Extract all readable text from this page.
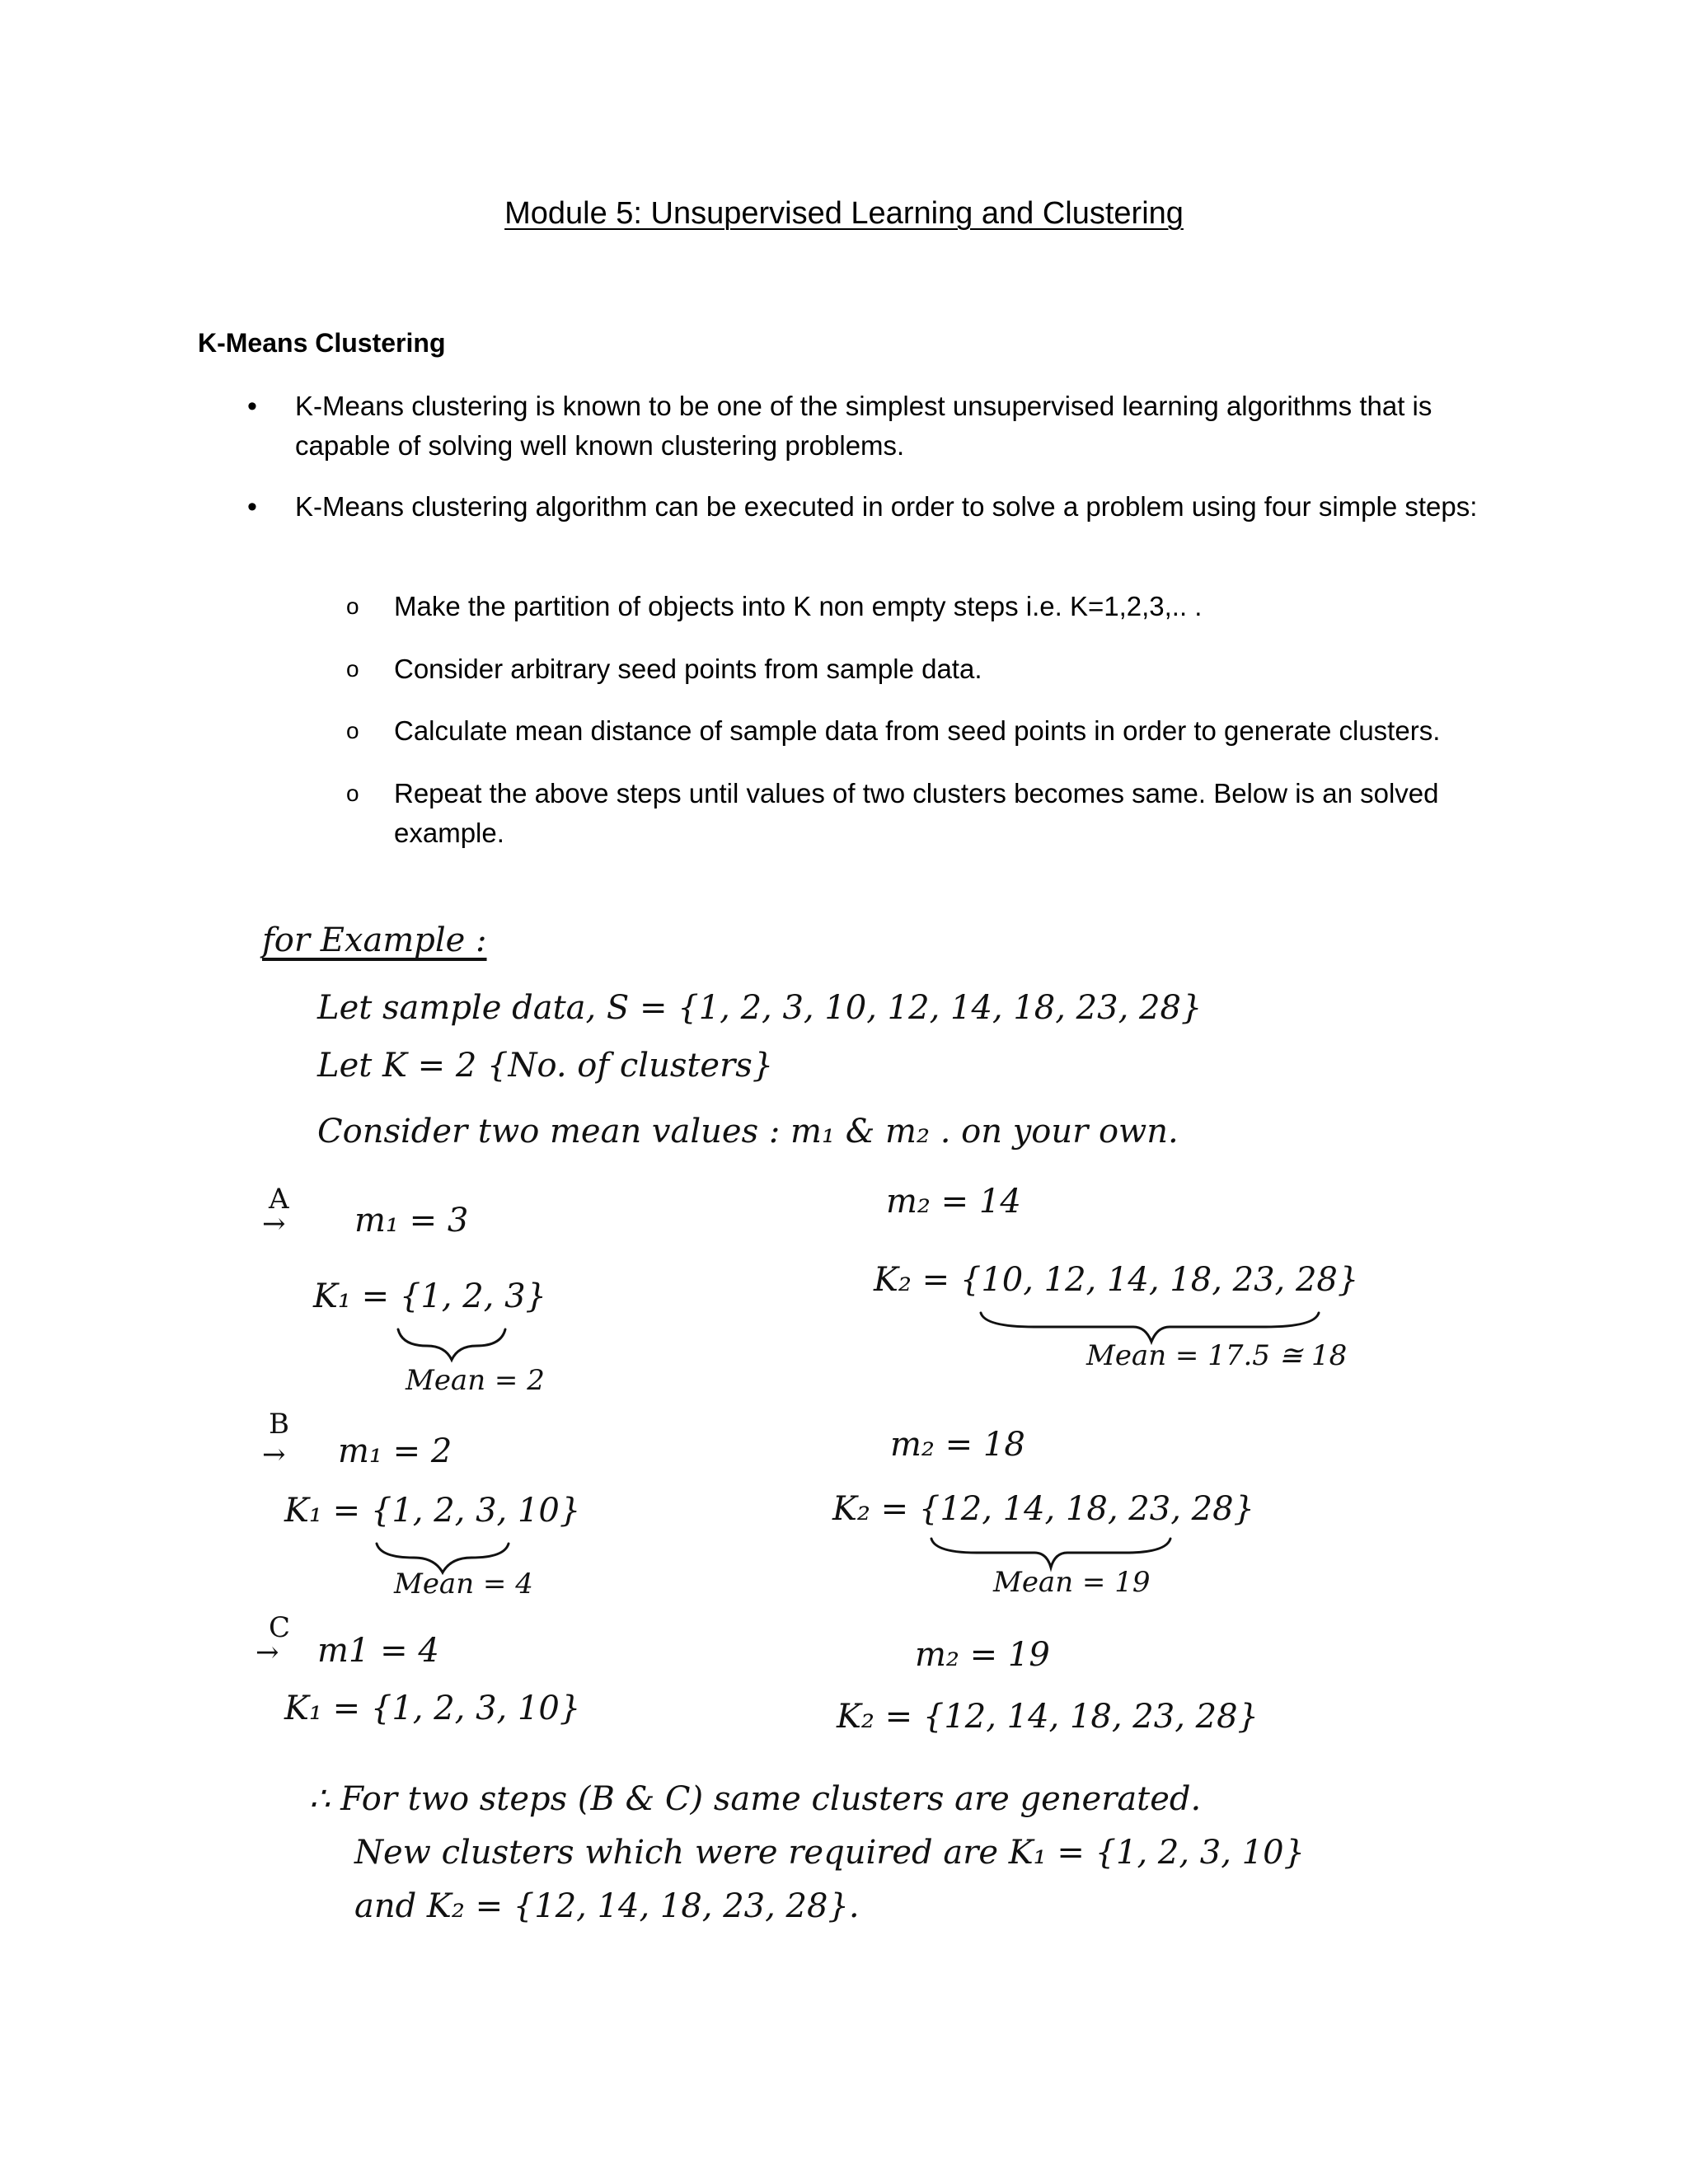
Module 5: Unsupervised Learning and Clustering
K-Means Clustering
• K-Means clustering is known to be one of the simplest unsupervised learning algorithms that is capable of solving well known clustering problems.
• K-Means clustering algorithm can be executed in order to solve a problem using four simple steps:
o Make the partition of objects into K non empty steps i.e. K=1,2,3,.. .
o Consider arbitrary seed points from sample data.
o Calculate mean distance of sample data from seed points in order to generate clusters.
o Repeat the above steps until values of two clusters becomes same. Below is an solved example.
for Example :
Let sample data, S = {1, 2, 3, 10, 12, 14, 18, 23, 28}
Let K = 2 {No. of clusters}
Consider two mean values : m₁ & m₂ . on your own.
A
→ m₁ = 3	m₂ = 14
K₁ = {1, 2, 3}
Mean = 2
K₂ = {10, 12, 14, 18, 23, 28}
Mean = 17.5 ≅ 18
B
→ m₁ = 2	m₂ = 18
K₁ = {1, 2, 3, 10}
Mean = 4
K₂ = {12, 14, 18, 23, 28}
Mean = 19
C
→ m1 = 4	m₂ = 19
K₁ = {1, 2, 3, 10}	K₂ = {12, 14, 18, 23, 28}
∴ For two steps (B & C) same clusters are generated.
New clusters which were required are K₁ = {1, 2, 3, 10}
and K₂ = {12, 14, 18, 23, 28}.
